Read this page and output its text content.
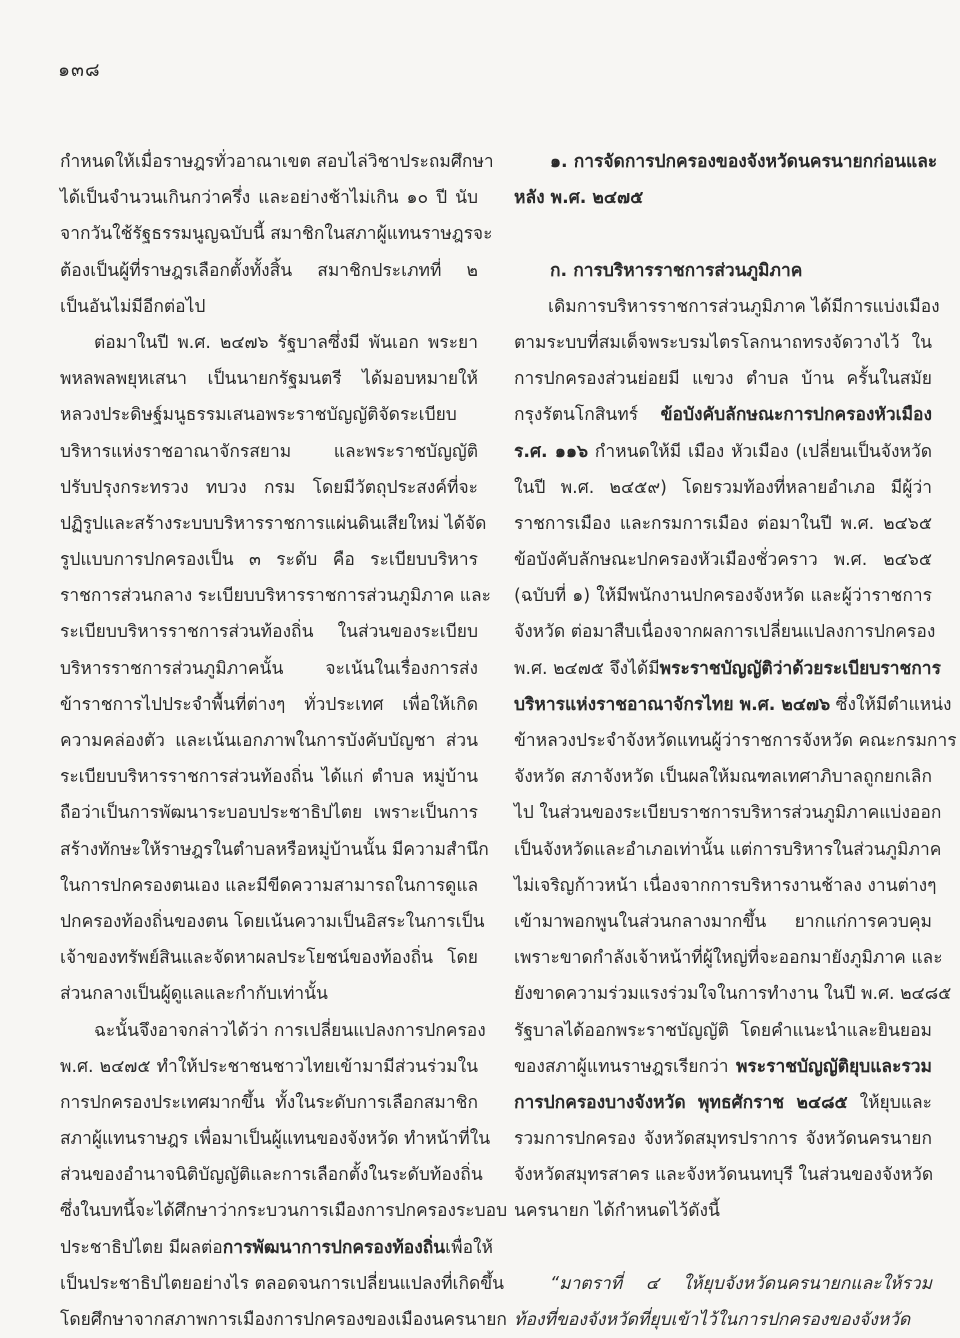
๑๓๘
กำหนดให้เมื่อราษฎรทั่วอาณาเขต สอบไล่วิชาประถมศึกษา
ได้เป็นจำนวนเกินกว่าครึ่ง และอย่างช้าไม่เกิน ๑๐ ปี นับ
จากวันใช้รัฐธรรมนูญฉบับนี้ สมาชิกในสภาผู้แทนราษฎรจะ
ต้องเป็นผู้ที่ราษฎรเลือกตั้งทั้งสิ้น สมาชิกประเภทที่ ๒
เป็นอันไม่มีอีกต่อไป
ต่อมาในปี พ.ศ. ๒๔๗๖ รัฐบาลซึ่งมี พันเอก พระยา
พหลพลพยุหเสนา เป็นนายกรัฐมนตรี ได้มอบหมายให้
หลวงประดิษฐ์มนูธรรมเสนอพระราชบัญญัติจัดระเบียบ
บริหารแห่งราชอาณาจักรสยาม และพระราชบัญญัติ
ปรับปรุงกระทรวง ทบวง กรม โดยมีวัตถุประสงค์ที่จะ
ปฏิรูปและสร้างระบบบริหารราชการแผ่นดินเสียใหม่ ได้จัด
รูปแบบการปกครองเป็น ๓ ระดับ คือ ระเบียบบริหาร
ราชการส่วนกลาง ระเบียบบริหารราชการส่วนภูมิภาค และ
ระเบียบบริหารราชการส่วนท้องถิ่น ในส่วนของระเบียบ
บริหารราชการส่วนภูมิภาคนั้น จะเน้นในเรื่องการส่ง
ข้าราชการไปประจำพื้นที่ต่างๆ ทั่วประเทศ เพื่อให้เกิด
ความคล่องตัว และเน้นเอกภาพในการบังคับบัญชา ส่วน
ระเบียบบริหารราชการส่วนท้องถิ่น ได้แก่ ตำบล หมู่บ้าน
ถือว่าเป็นการพัฒนาระบอบประชาธิปไตย เพราะเป็นการ
สร้างทักษะให้ราษฎรในตำบลหรือหมู่บ้านนั้น มีความสำนึก
ในการปกครองตนเอง และมีขีดความสามารถในการดูแล
ปกครองท้องถิ่นของตน โดยเน้นความเป็นอิสระในการเป็น
เจ้าของทรัพย์สินและจัดหาผลประโยชน์ของท้องถิ่น โดย
ส่วนกลางเป็นผู้ดูแลและกำกับเท่านั้น
ฉะนั้นจึงอาจกล่าวได้ว่า การเปลี่ยนแปลงการปกครอง
พ.ศ. ๒๔๗๕ ทำให้ประชาชนชาวไทยเข้ามามีส่วนร่วมใน
การปกครองประเทศมากขึ้น ทั้งในระดับการเลือกสมาชิก
สภาผู้แทนราษฎร เพื่อมาเป็นผู้แทนของจังหวัด ทำหน้าที่ใน
ส่วนของอำนาจนิติบัญญัติและการเลือกตั้งในระดับท้องถิ่น
ซึ่งในบทนี้จะได้ศึกษาว่ากระบวนการเมืองการปกครองระบอบ
ประชาธิปไตย มีผลต่อการพัฒนาการปกครองท้องถิ่นเพื่อให้
เป็นประชาธิปไตยอย่างไร ตลอดจนการเปลี่ยนแปลงที่เกิดขึ้น
โดยศึกษาจากสภาพการเมืองการปกครองของเมืองนครนายก
๑. การจัดการปกครองของจังหวัดนครนายกก่อนและ
หลัง พ.ศ. ๒๔๗๕
ก. การบริหารราชการส่วนภูมิภาค
เดิมการบริหารราชการส่วนภูมิภาค ได้มีการแบ่งเมือง
ตามระบบที่สมเด็จพระบรมไตรโลกนาถทรงจัดวางไว้ ใน
การปกครองส่วนย่อยมี แขวง ตำบล บ้าน ครั้นในสมัย
กรุงรัตนโกสินทร์ ข้อบังคับลักษณะการปกครองหัวเมือง
ร.ศ. ๑๑๖ กำหนดให้มี เมือง หัวเมือง (เปลี่ยนเป็นจังหวัด
ในปี พ.ศ. ๒๔๕๙) โดยรวมท้องที่หลายอำเภอ มีผู้ว่า
ราชการเมือง และกรมการเมือง ต่อมาในปี พ.ศ. ๒๔๖๕
ข้อบังคับลักษณะปกครองหัวเมืองชั่วคราว พ.ศ. ๒๔๖๕
(ฉบับที่ ๑) ให้มีพนักงานปกครองจังหวัด และผู้ว่าราชการ
จังหวัด ต่อมาสืบเนื่องจากผลการเปลี่ยนแปลงการปกครอง
พ.ศ. ๒๔๗๕ จึงได้มีพระราชบัญญัติว่าด้วยระเบียบราชการ
บริหารแห่งราชอาณาจักรไทย พ.ศ. ๒๔๗๖ ซึ่งให้มีตำแหน่ง
ข้าหลวงประจำจังหวัดแทนผู้ว่าราชการจังหวัด คณะกรมการ
จังหวัด สภาจังหวัด เป็นผลให้มณฑลเทศาภิบาลถูกยกเลิก
ไป ในส่วนของระเบียบราชการบริหารส่วนภูมิภาคแบ่งออก
เป็นจังหวัดและอำเภอเท่านั้น แต่การบริหารในส่วนภูมิภาค
ไม่เจริญก้าวหน้า เนื่องจากการบริหารงานช้าลง งานต่างๆ
เข้ามาพอกพูนในส่วนกลางมากขึ้น ยากแก่การควบคุม
เพราะขาดกำลังเจ้าหน้าที่ผู้ใหญ่ที่จะออกมายังภูมิภาค และ
ยังขาดความร่วมแรงร่วมใจในการทำงาน ในปี พ.ศ. ๒๔๘๕
รัฐบาลได้ออกพระราชบัญญัติ โดยคำแนะนำและยินยอม
ของสภาผู้แทนราษฎรเรียกว่า พระราชบัญญัติยุบและรวม
การปกครองบางจังหวัด พุทธศักราช ๒๔๘๕ ให้ยุบและ
รวมการปกครอง จังหวัดสมุทรปราการ จังหวัดนครนายก
จังหวัดสมุทรสาคร และจังหวัดนนทบุรี ในส่วนของจังหวัด
นครนายก ได้กำหนดไว้ดังนี้
“มาตราที่ ๔ ให้ยุบจังหวัดนครนายกและให้รวม
ท้องที่ของจังหวัดที่ยุบเข้าไว้ในการปกครองของจังหวัด
